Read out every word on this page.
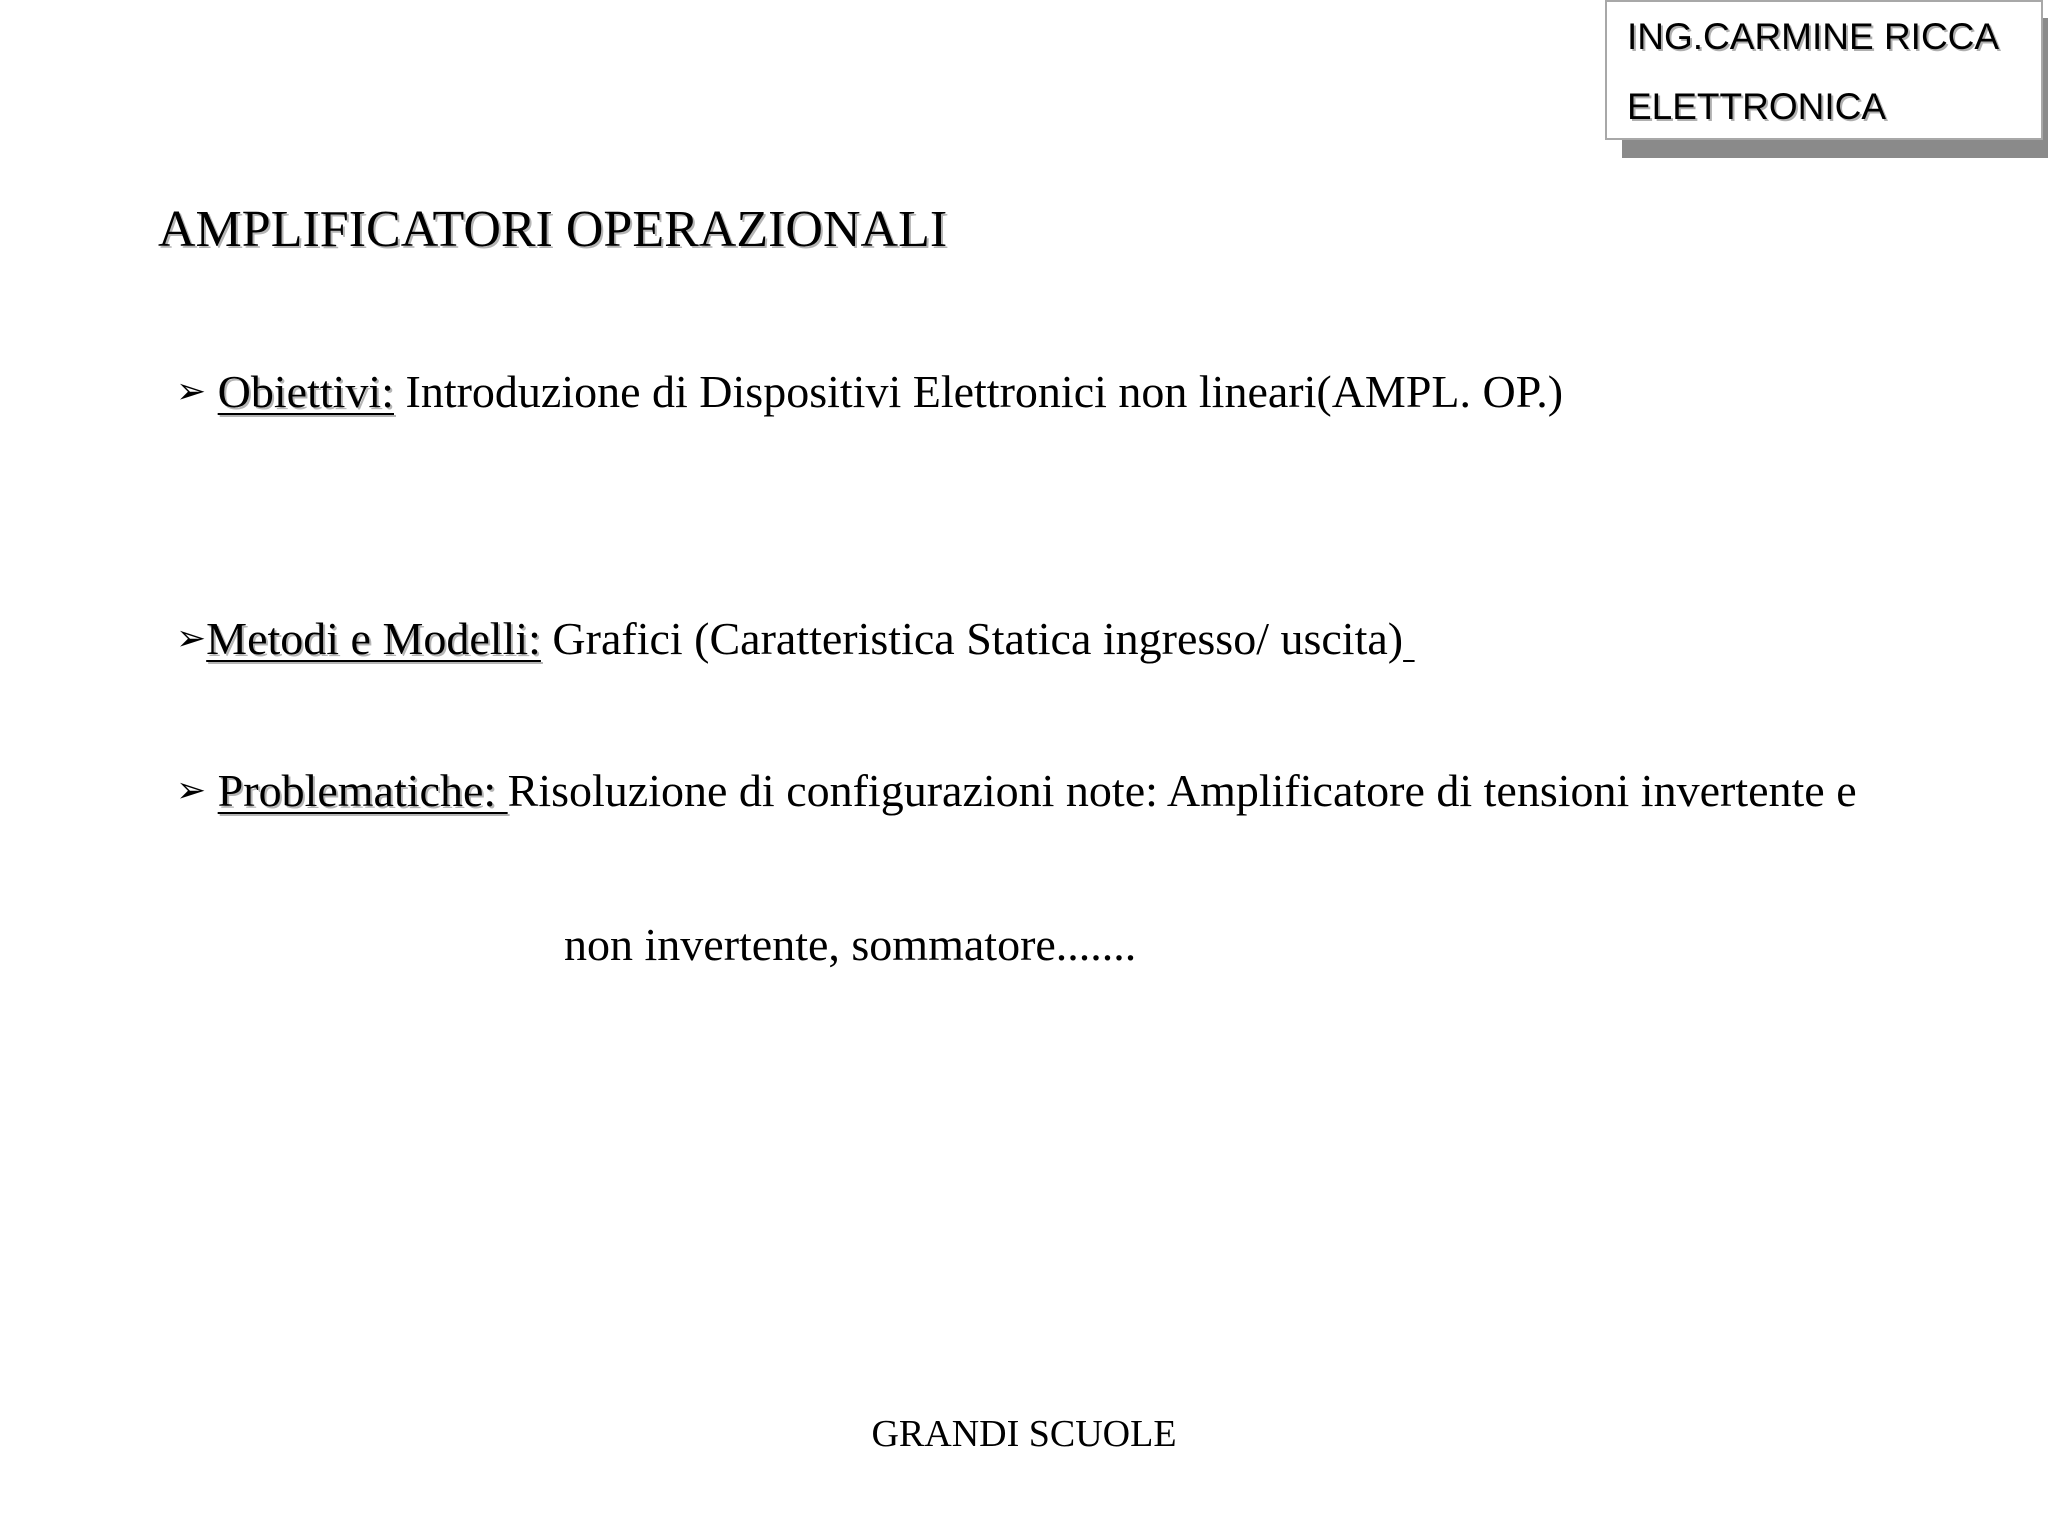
ING.CARMINE RICCA
ELETTRONICA
AMPLIFICATORI OPERAZIONALI
➢ Obiettivi: Introduzione di Dispositivi Elettronici non lineari(AMPL. OP.)
➢Metodi e Modelli: Grafici (Caratteristica Statica ingresso/ uscita)
➢ Problematiche: Risoluzione di configurazioni note: Amplificatore di tensioni invertente e
non invertente, sommatore.......
GRANDI SCUOLE
